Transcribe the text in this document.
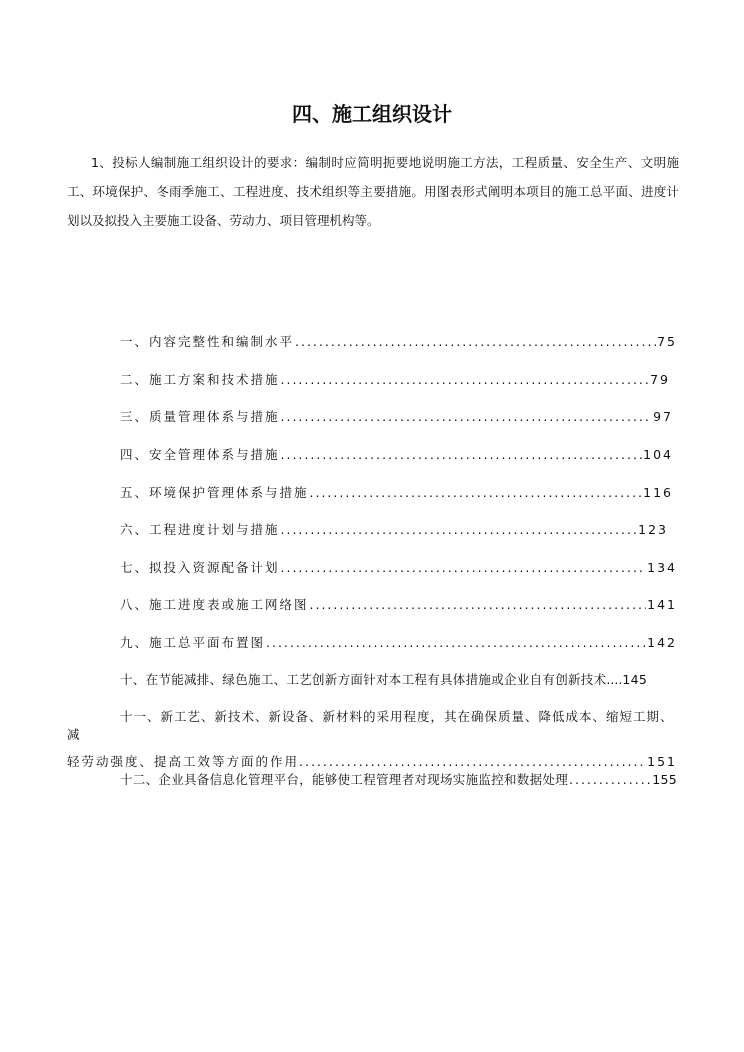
四、施工组织设计
1、投标人编制施工组织设计的要求：编制时应简明扼要地说明施工方法，工程质量、安全生产、文明施工、环境保护、冬雨季施工、工程进度、技术组织等主要措施。用图表形式阐明本项目的施工总平面、进度计划以及拟投入主要施工设备、劳动力、项目管理机构等。
一、内容完整性和编制水平 .....	75
二、施工方案和技术措施 .....	79
三、质量管理体系与措施 .....	97
四、安全管理体系与措施 .....	104
五、环境保护管理体系与措施 .....	116
六、工程进度计划与措施 .....	123
七、拟投入资源配备计划 .....	134
八、施工进度表或施工网络图 .....	141
九、施工总平面布置图 .....	142
十、在节能减排、绿色施工、工艺创新方面针对本工程有具体措施或企业自有创新技术 .... 145
十一、新工艺、新技术、新设备、新材料的采用程度，其在确保质量、降低成本、缩短工期、减
轻劳动强度、提高工效等方面的作用 .....	151
十二、企业具备信息化管理平台，能够使工程管理者对现场实施监控和数据处理 .....	155
